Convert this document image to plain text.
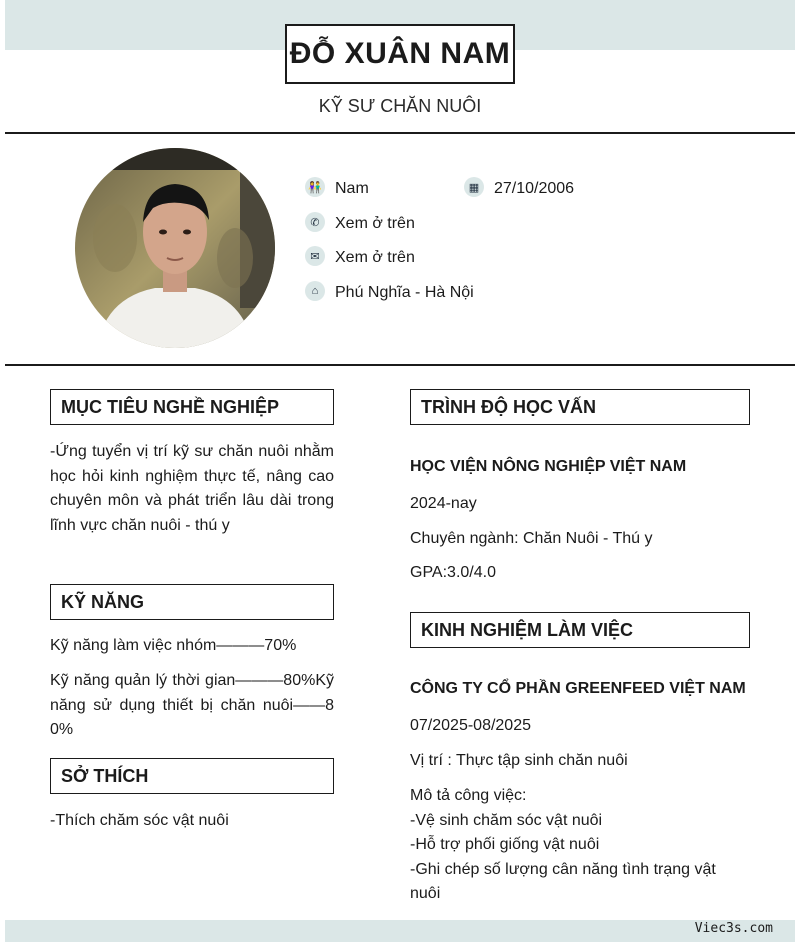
ĐỖ XUÂN NAM
KỸ SƯ CHĂN NUÔI
👫 Nam	▦ 27/10/2006
✆ Xem ở trên
✉ Xem ở trên
⌂	Phú Nghĩa - Hà Nội
MỤC TIÊU NGHỀ NGHIỆP
-Ứng tuyển vị trí kỹ sư chăn nuôi nhằm học hỏi kinh nghiệm thực tế, nâng cao chuyên môn và phát triển lâu dài trong lĩnh vực chăn nuôi - thú y
KỸ NĂNG
Kỹ năng làm việc nhóm———70%
Kỹ năng quản lý thời gian———80%Kỹ năng sử dụng thiết bị chăn nuôi——80%
SỞ THÍCH
-Thích chăm sóc vật nuôi
TRÌNH ĐỘ HỌC VẤN
HỌC VIỆN NÔNG NGHIỆP VIỆT NAM
2024-nay
Chuyên ngành: Chăn Nuôi - Thú y
GPA:3.0/4.0
KINH NGHIỆM LÀM VIỆC
CÔNG TY CỔ PHẦN GREENFEED VIỆT NAM
07/2025-08/2025
Vị trí : Thực tập sinh chăn nuôi
Mô tả công việc:
-Vệ sinh chăm sóc vật nuôi
-Hỗ trợ phối giống vật nuôi
-Ghi chép số lượng cân năng tình trạng vật nuôi
Viec3s.com
